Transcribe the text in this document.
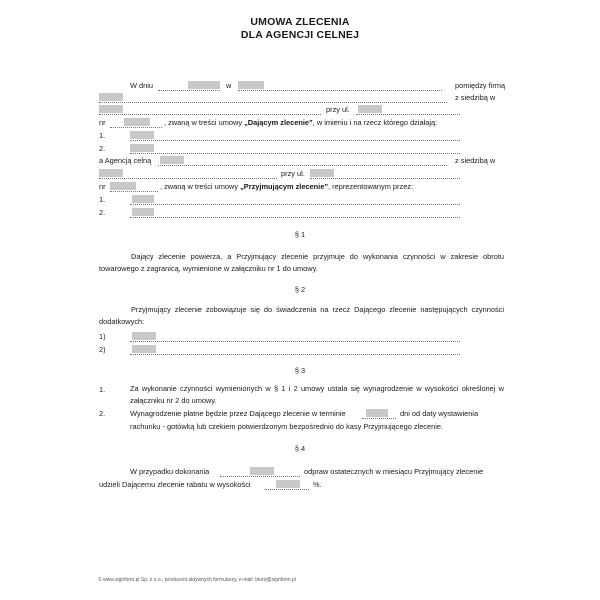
UMOWA ZLECENIA
DLA AGENCJI CELNEJ
W dniu	w	pomiędzy firmą
z siedzibą w
przy ul.
nr	, zwaną w treści umowy „Dającym zlecenie”, w imieniu i na rzecz którego działają:
1.
2.
a Agencją celną	z siedzibą w
przy ul.
nr	, zwaną w treści umowy „Przyjmującym zlecenie”, reprezentowanym przez:
1.
2.
§ 1
Dający zlecenie powierza, a Przyjmujący zlecenie przyjmuje do wykonania czynności w zakresie obrotu towarowego z zagranicą, wymienione w załączniku nr 1 do umowy.
§ 2
Przyjmujący zlecenie zobowiązuje się do świadczenia na rzecz Dającego zlecenie następujących czynności dodatkowych:
1)
2)
§ 3
1.	Za wykonanie czynności wymienionych w § 1 i 2 umowy ustala się wynagrodzenie w wysokości określonej w załączniku nr 2 do umowy.
2.	Wynagrodzenie płatne będzie przez Dającego zlecenie w terminie	dni od daty wystawienia
rachunku - gotówką lub czekiem potwierdzonym bezpośrednio do kasy Przyjmującego zlecenie.
§ 4
W przypadku dokonania	odpraw ostatecznych w miesiącu Przyjmujący zlecenie
udzieli Dającemu zlecenie rabatu w wysokości	%.
© www.signform.pl Sp. z o.o., producent aktywnych formularzy, e-mail: biuro@signform.pl
